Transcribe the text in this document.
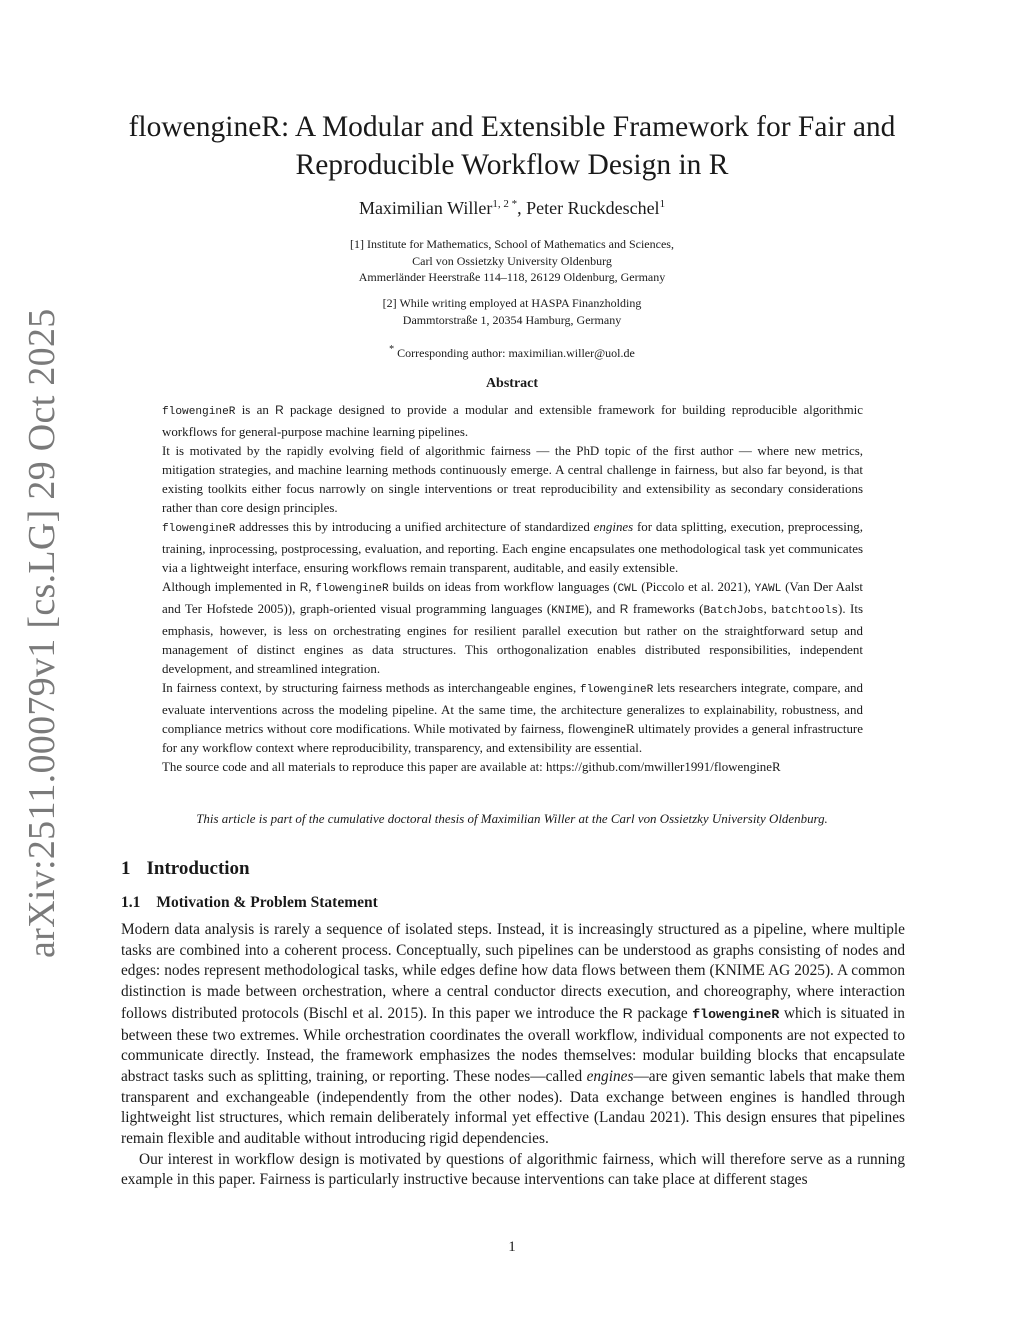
arXiv:2511.00079v1 [cs.LG] 29 Oct 2025
flowengineR: A Modular and Extensible Framework for Fair and
Reproducible Workflow Design in R
Maximilian Willer$^{1, 2 *}$, Peter Ruckdeschel$^1$
[1] Institute for Mathematics, School of Mathematics and Sciences,
Carl von Ossietzky University Oldenburg
Ammerländer Heerstraße 114–118, 26129 Oldenburg, Germany
[2] While writing employed at HASPA Finanzholding
Dammtorstraße 1, 20354 Hamburg, Germany
* Corresponding author: maximilian.willer@uol.de
Abstract

flowengineR is an R package designed to provide a modular and extensible framework for building reproducible algorithmic workflows for general-purpose machine learning pipelines.

It is motivated by the rapidly evolving field of algorithmic fairness — the PhD topic of the first author — where new metrics, mitigation strategies, and machine learning methods continuously emerge. A central challenge in fairness, but also far beyond, is that existing toolkits either focus narrowly on single interventions or treat reproducibility and extensibility as secondary considerations rather than core design principles.

flowengineR addresses this by introducing a unified architecture of standardized engines for data splitting, execution, preprocessing, training, inprocessing, postprocessing, evaluation, and reporting. Each engine encapsulates one methodological task yet communicates via a lightweight interface, ensuring workflows remain transparent, auditable, and easily extensible.

Although implemented in R, flowengineR builds on ideas from workflow languages (CWL (Piccolo et al. 2021), YAWL (Van Der Aalst and Ter Hofstede 2005)), graph-oriented visual programming languages (KNIME), and R frameworks (BatchJobs, batchtools). Its emphasis, however, is less on orchestrating engines for resilient parallel execution but rather on the straightforward setup and management of distinct engines as data structures. This orthogonalization enables distributed responsibilities, independent development, and streamlined integration.

In fairness context, by structuring fairness methods as interchangeable engines, flowengineR lets researchers integrate, compare, and evaluate interventions across the modeling pipeline. At the same time, the architecture generalizes to explainability, robustness, and compliance metrics without core modifications. While motivated by fairness, flowengineR ultimately provides a general infrastructure for any workflow context where reproducibility, transparency, and extensibility are essential.

The source code and all materials to reproduce this paper are available at: https://github.com/mwiller1991/flowengineR

This article is part of the cumulative doctoral thesis of Maximilian Willer at the Carl von Ossietzky University Oldenburg.
1 Introduction
1.1 Motivation & Problem Statement

Modern data analysis is rarely a sequence of isolated steps. Instead, it is increasingly structured as a pipeline, where multiple tasks are combined into a coherent process. Conceptually, such pipelines can be understood as graphs consisting of nodes and edges: nodes represent methodological tasks, while edges define how data flows between them (KNIME AG 2025). A common distinction is made between orchestration, where a central conductor directs execution, and choreography, where interaction follows distributed protocols (Bischl et al. 2015). In this paper we introduce the R package flowengineR which is situated in between these two extremes. While orchestration coordinates the overall workflow, individual components are not expected to communicate directly. Instead, the framework emphasizes the nodes themselves: modular building blocks that encapsulate abstract tasks such as splitting, training, or reporting. These nodes—called engines—are given semantic labels that make them transparent and exchangeable (independently from the other nodes). Data exchange between engines is handled through lightweight list structures, which remain deliberately informal yet effective (Landau 2021). This design ensures that pipelines remain flexible and auditable without introducing rigid dependencies.

Our interest in workflow design is motivated by questions of algorithmic fairness, which will therefore serve as a running example in this paper. Fairness is particularly instructive because interventions can take place at different stages

1
